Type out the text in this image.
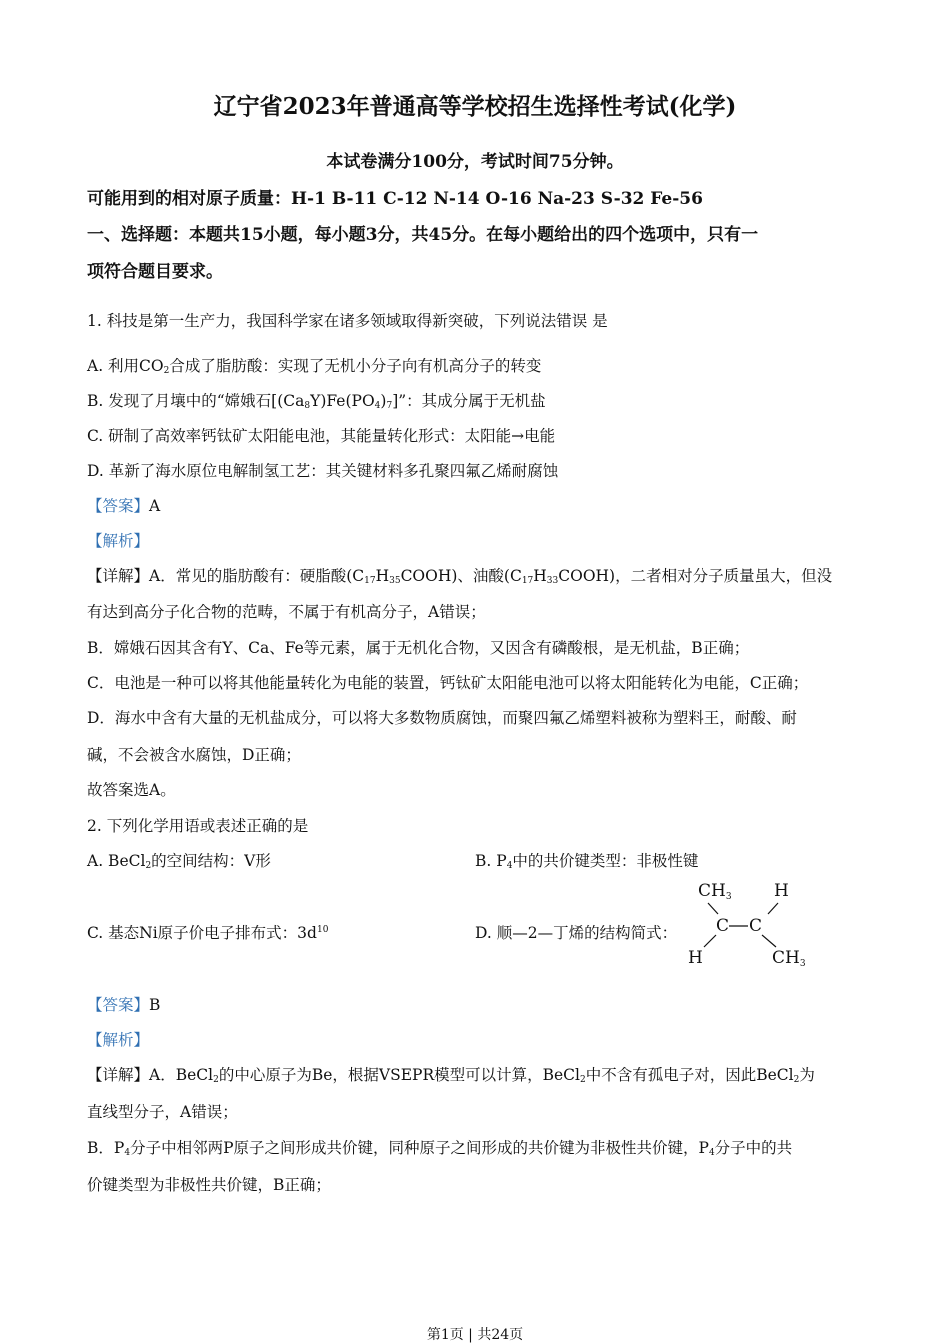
辽宁省2023年普通高等学校招生选择性考试(化学)
本试卷满分100分，考试时间75分钟。
可能用到的相对原子质量：H-1 B-11 C-12 N-14 O-16 Na-23 S-32 Fe-56
一、选择题：本题共15小题，每小题3分，共45分。在每小题给出的四个选项中，只有一
项符合题目要求。
1. 科技是第一生产力，我国科学家在诸多领域取得新突破，下列说法错误 是
A. 利用$CO_2$合成了脂肪酸：实现了无机小分子向有机高分子的转变
B. 发现了月壤中的“嫦娥石$[(Ca_8Y)Fe(PO_4)_7]$”：其成分属于无机盐
C. 研制了高效率钙钛矿太阳能电池，其能量转化形式：太阳能→电能
D. 革新了海水原位电解制氢工艺：其关键材料多孔聚四氟乙烯耐腐蚀
【答案】A
【解析】
【详解】A．常见的脂肪酸有：硬脂酸$(C_{17}H_{35}COOH)$、油酸$(C_{17}H_{33}COOH)$，二者相对分子质量虽大，但没
有达到高分子化合物的范畴，不属于有机高分子，A错误；
B．嫦娥石因其含有Y、Ca、Fe等元素，属于无机化合物，又因含有磷酸根，是无机盐，B正确；
C．电池是一种可以将其他能量转化为电能的装置，钙钛矿太阳能电池可以将太阳能转化为电能，C正确；
D．海水中含有大量的无机盐成分，可以将大多数物质腐蚀，而聚四氟乙烯塑料被称为塑料王，耐酸、耐
碱，不会被含水腐蚀，D正确；
故答案选A。
2. 下列化学用语或表述正确的是
A. BeCl$_2$的空间结构：V形	B. $P_4$中的共价键类型：非极性键
C. 基态Ni原子价电子排布式：$3d^{10}$	D. 顺—2—丁烯的结构简式：
CH3 H
C C
H	CH3
【答案】B
【解析】
【详解】A．BeCl$_2$的中心原子为Be，根据VSEPR模型可以计算，BeCl$_2$中不含有孤电子对，因此BeCl$_2$为
直线型分子，A错误；
B．$P_4$分子中相邻两P原子之间形成共价键，同种原子之间形成的共价键为非极性共价键，$P_4$分子中的共
价键类型为非极性共价键，B正确；
第1页 | 共24页
